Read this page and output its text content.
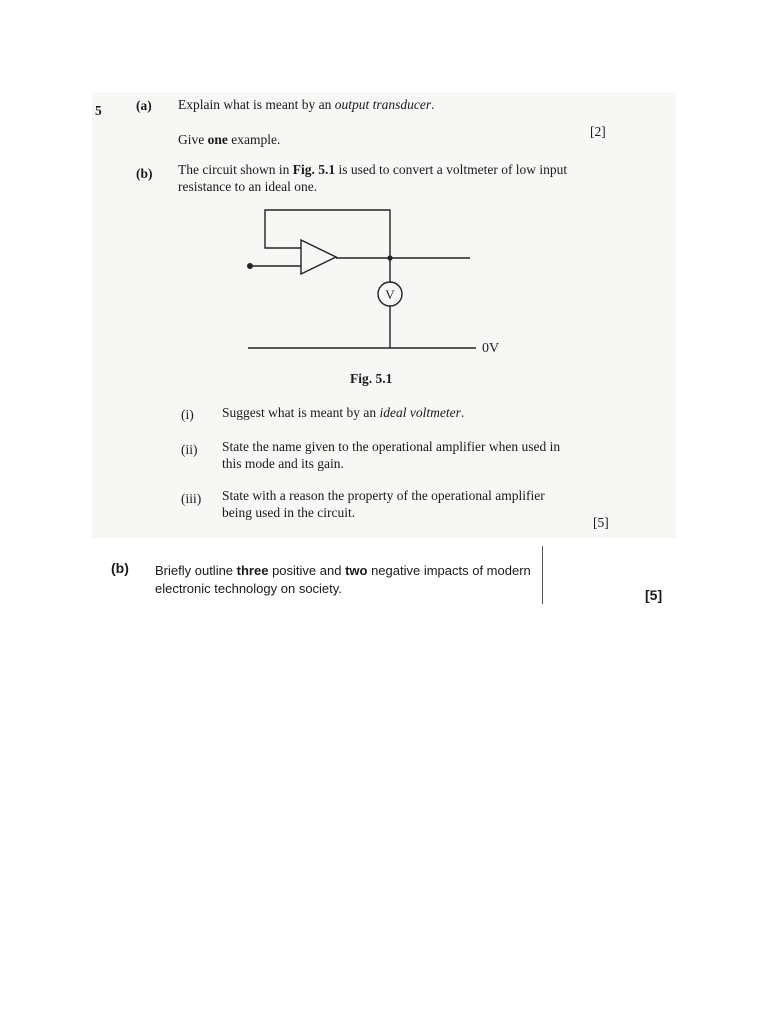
5	(a) Explain what is meant by an output transducer.
Give one example.
[2]
(b) The circuit shown in Fig. 5.1 is used to convert a voltmeter of low input
resistance to an ideal one.
V
0V
Fig. 5.1
(i) Suggest what is meant by an ideal voltmeter.
(ii) State the name given to the operational amplifier when used in
this mode and its gain.
(iii) State with a reason the property of the operational amplifier
being used in the circuit.
[5]
(b) Briefly outline three positive and two negative impacts of modern
electronic technology on society.	[5]
